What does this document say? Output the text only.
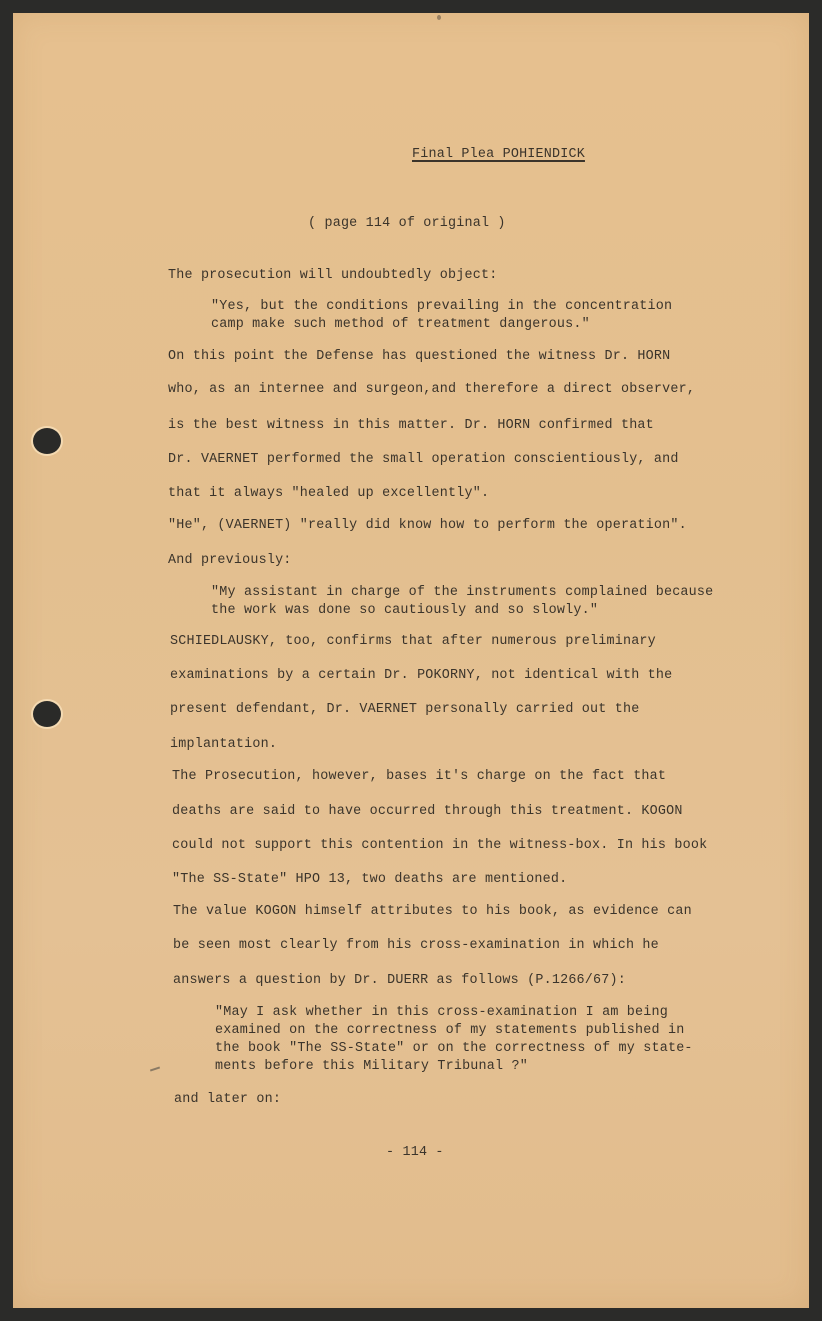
Final Plea POHIENDICK
( page 114 of original )
The prosecution will undoubtedly object:
"Yes, but the conditions prevailing in the concentration
camp make such method of treatment dangerous."
On this point the Defense has questioned the witness Dr. HORN
who, as an internee and surgeon,and therefore a direct observer,
is the best witness in this matter. Dr. HORN confirmed that
Dr. VAERNET performed the small operation conscientiously, and
that it always "healed up excellently".
"He", (VAERNET) "really did know how to perform the operation".
And previously:
"My assistant in charge of the instruments complained because
the work was done so cautiously and so slowly."
SCHIEDLAUSKY, too, confirms that after numerous preliminary
examinations by a certain Dr. POKORNY, not identical with the
present defendant, Dr. VAERNET personally carried out the
implantation.
The Prosecution, however, bases it's charge on the fact that
deaths are said to have occurred through this treatment. KOGON
could not support this contention in the witness-box. In his book
"The SS-State" HPO 13, two deaths are mentioned.
The value KOGON himself attributes to his book, as evidence can
be seen most clearly from his cross-examination in which he
answers a question by Dr. DUERR as follows (P.1266/67):
"May I ask whether in this cross-examination I am being
examined on the correctness of my statements published in
the book "The SS-State" or on the correctness of my state-
ments before this Military Tribunal ?"
and later on:
- 114 -
